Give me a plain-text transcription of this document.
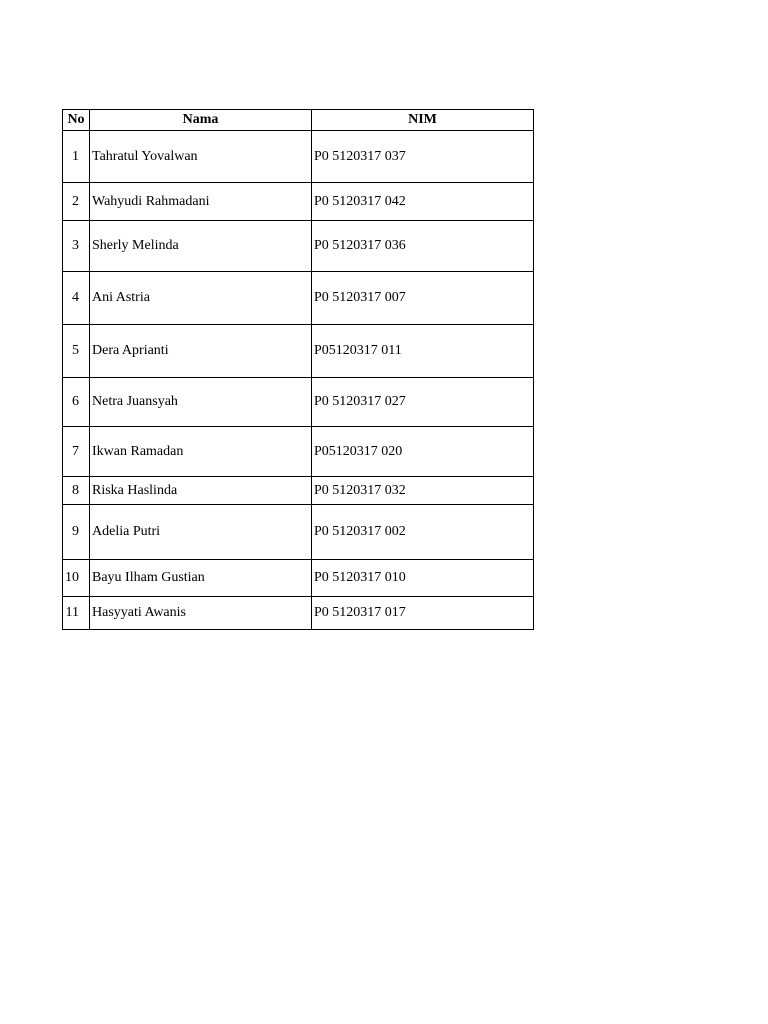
No	Nama	NIM
1	Tahratul Yovalwan	P0 5120317 037
2	Wahyudi Rahmadani	P0 5120317 042
3	Sherly Melinda	P0 5120317 036
4	Ani Astria	P0 5120317 007
5	Dera Aprianti	P05120317 011
6	Netra Juansyah	P0 5120317 027
7	Ikwan Ramadan	P05120317 020
8	Riska Haslinda	P0 5120317 032
9	Adelia Putri	P0 5120317 002
10	Bayu Ilham Gustian	P0 5120317 010
11	Hasyyati Awanis	P0 5120317 017
